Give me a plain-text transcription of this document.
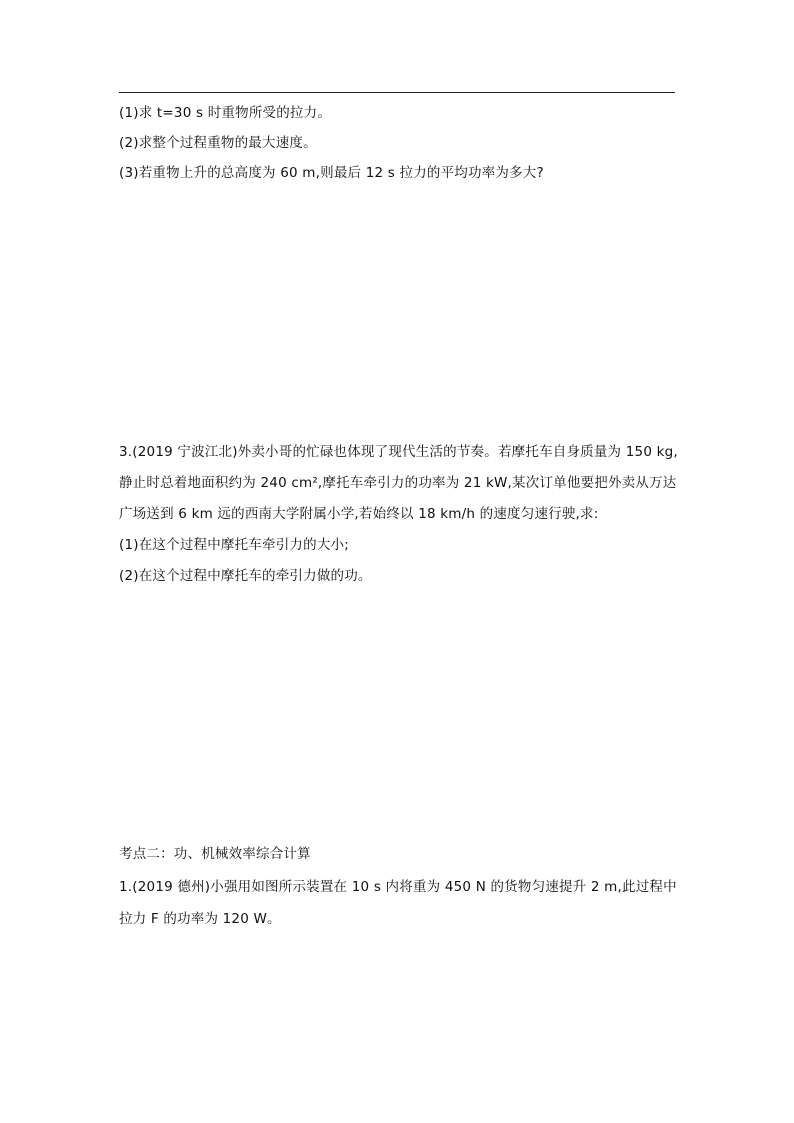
(1)求 t=30 s 时重物所受的拉力。
(2)求整个过程重物的最大速度。
(3)若重物上升的总高度为 60 m,则最后 12 s 拉力的平均功率为多大?
3.(2019 宁波江北)外卖小哥的忙碌也体现了现代生活的节奏。若摩托车自身质量为 150 kg,
静止时总着地面积约为 240 cm²,摩托车牵引力的功率为 21 kW,某次订单他要把外卖从万达
广场送到 6 km 远的西南大学附属小学,若始终以 18 km/h 的速度匀速行驶,求:
(1)在这个过程中摩托车牵引力的大小;
(2)在这个过程中摩托车的牵引力做的功。
考点二：功、机械效率综合计算
1.(2019 德州)小强用如图所示装置在 10 s 内将重为 450 N 的货物匀速提升 2 m,此过程中
拉力 F 的功率为 120 W。
